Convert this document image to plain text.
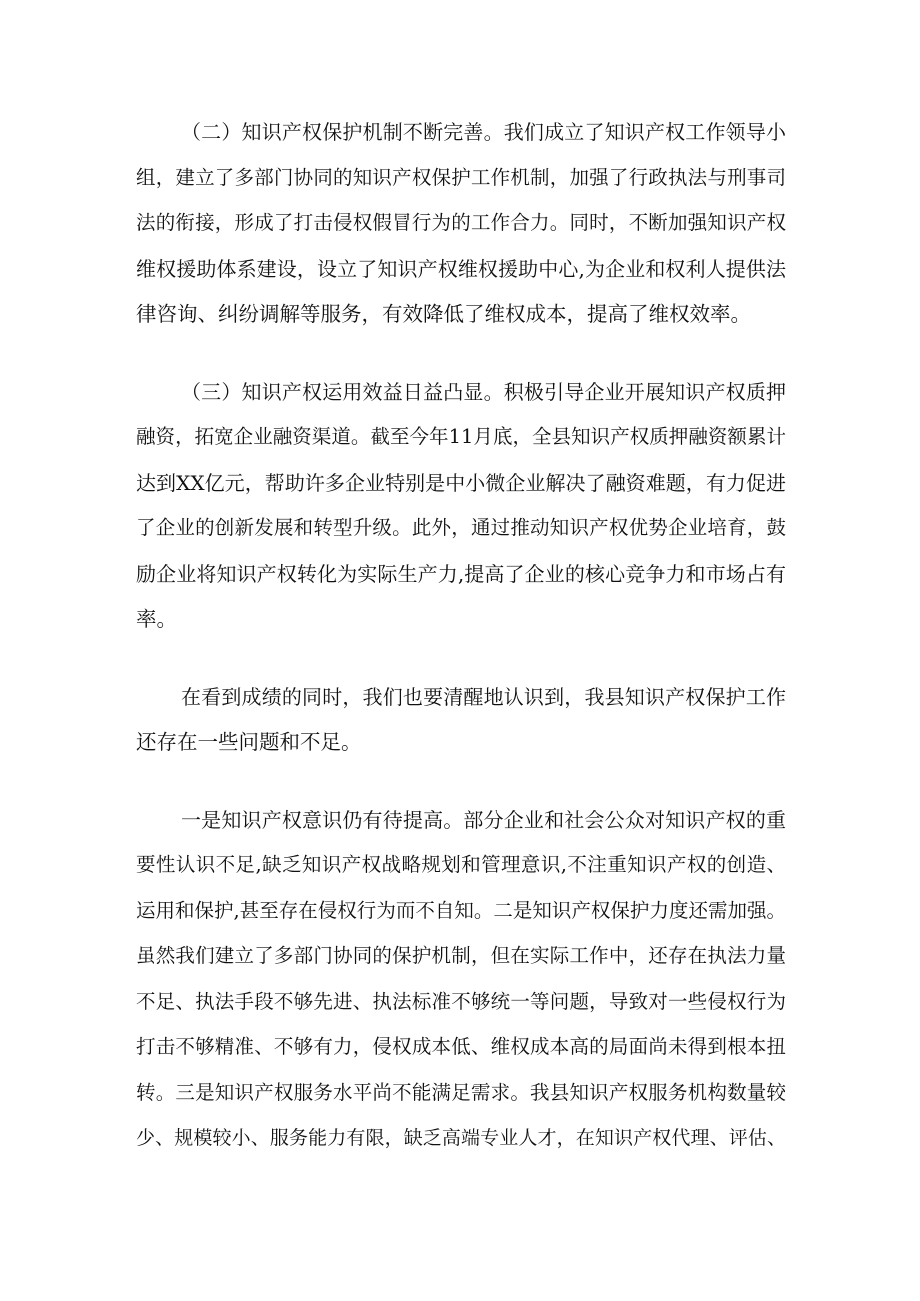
（二）知识产权保护机制不断完善。我们成立了知识产权工作领导小
组，建立了多部门协同的知识产权保护工作机制，加强了行政执法与刑事司
法的衔接，形成了打击侵权假冒行为的工作合力。同时，不断加强知识产权
维权援助体系建设，设立了知识产权维权援助中心,为企业和权利人提供法
律咨询、纠纷调解等服务，有效降低了维权成本，提高了维权效率。
（三）知识产权运用效益日益凸显。积极引导企业开展知识产权质押
融资，拓宽企业融资渠道。截至今年11月底，全县知识产权质押融资额累计
达到XX亿元，帮助许多企业特别是中小微企业解决了融资难题，有力促进
了企业的创新发展和转型升级。此外，通过推动知识产权优势企业培育，鼓
励企业将知识产权转化为实际生产力,提高了企业的核心竞争力和市场占有
率。
在看到成绩的同时，我们也要清醒地认识到，我县知识产权保护工作
还存在一些问题和不足。
一是知识产权意识仍有待提高。部分企业和社会公众对知识产权的重
要性认识不足,缺乏知识产权战略规划和管理意识,不注重知识产权的创造、
运用和保护,甚至存在侵权行为而不自知。二是知识产权保护力度还需加强。
虽然我们建立了多部门协同的保护机制，但在实际工作中，还存在执法力量
不足、执法手段不够先进、执法标准不够统一等问题，导致对一些侵权行为
打击不够精准、不够有力，侵权成本低、维权成本高的局面尚未得到根本扭
转。三是知识产权服务水平尚不能满足需求。我县知识产权服务机构数量较
少、规模较小、服务能力有限，缺乏高端专业人才，在知识产权代理、评估、
